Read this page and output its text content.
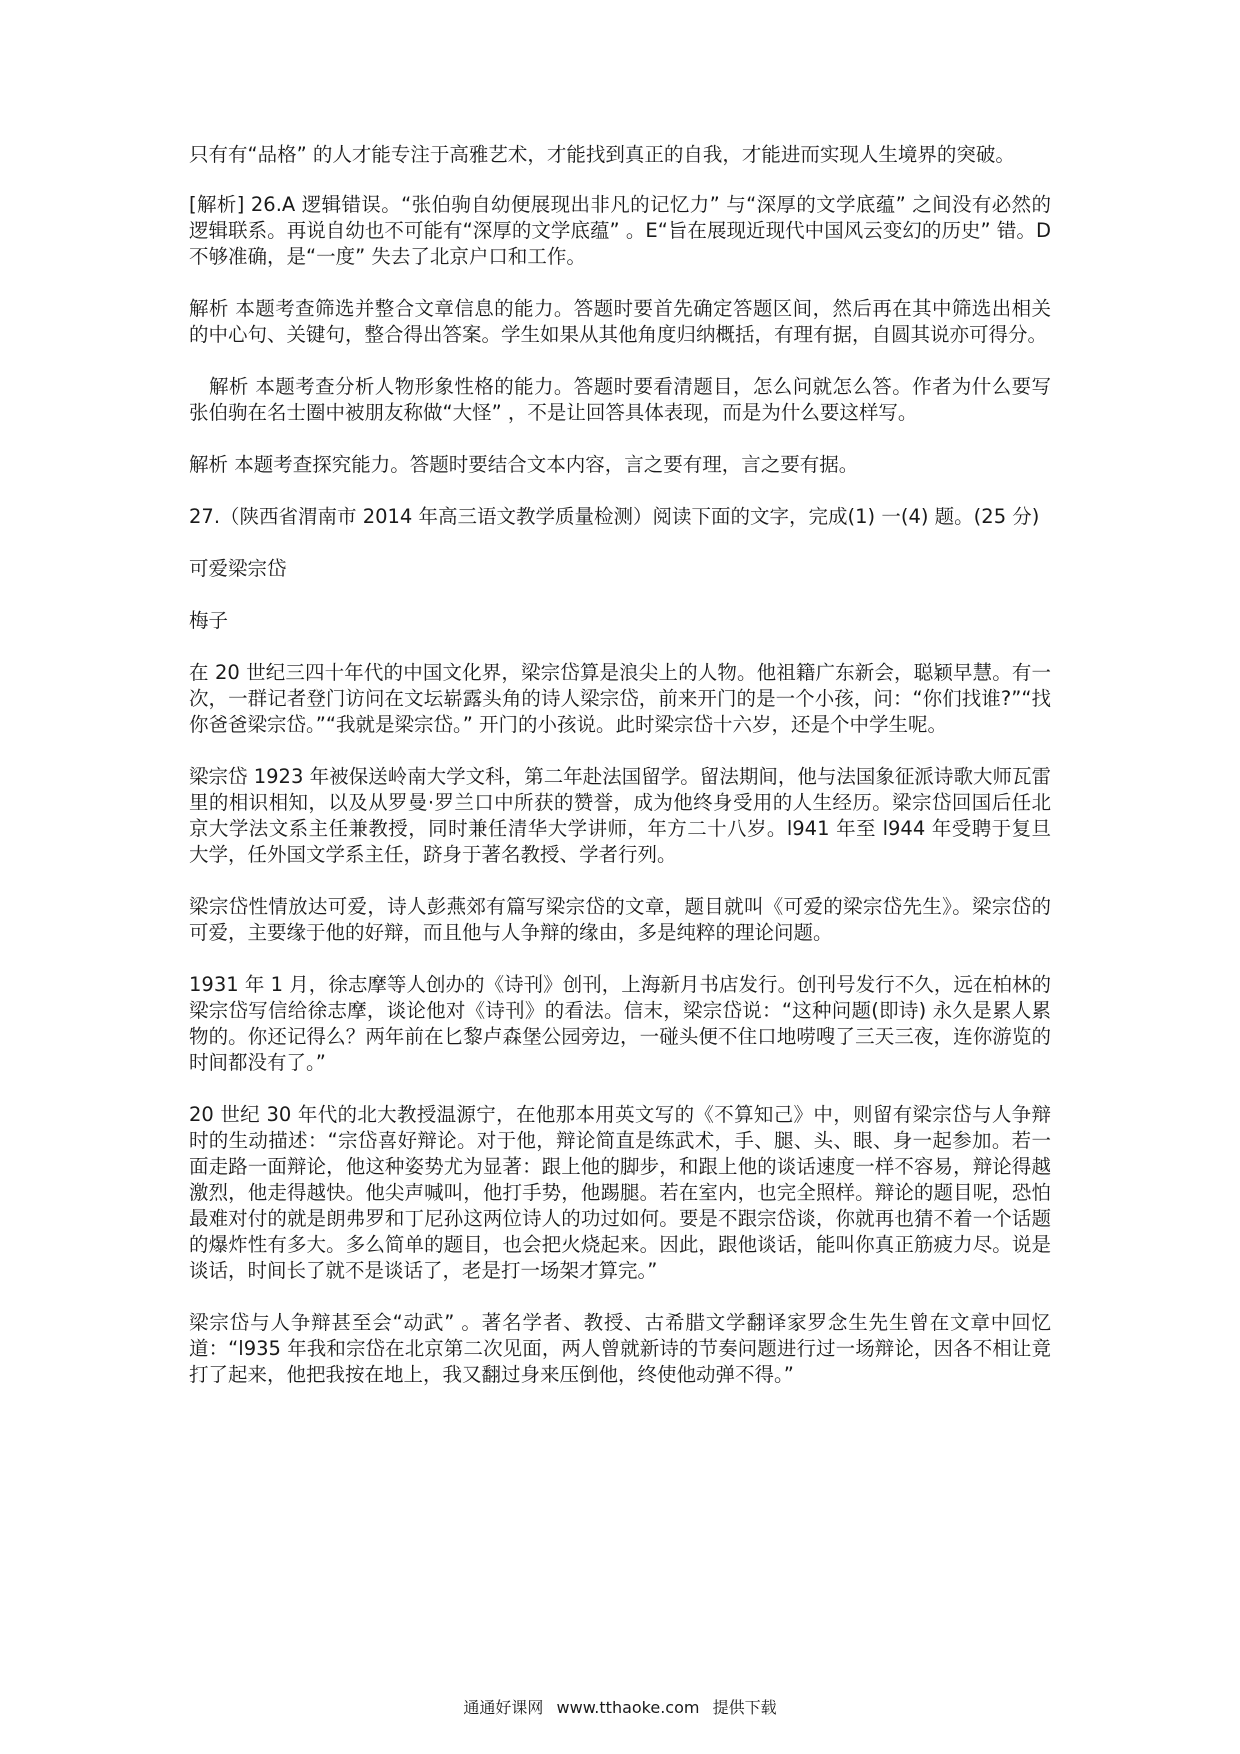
只有有“品格” 的人才能专注于高雅艺术，才能找到真正的自我，才能进而实现人生境界的突破。

[解析] 26.A 逻辑错误。“张伯驹自幼便展现出非凡的记忆力” 与“深厚的文学底蕴” 之间没有必然的逻辑联系。再说自幼也不可能有“深厚的文学底蕴” 。E“旨在展现近现代中国风云变幻的历史” 错。D 不够准确，是“一度” 失去了北京户口和工作。

解析 本题考查筛选并整合文章信息的能力。答题时要首先确定答题区间，然后再在其中筛选出相关的中心句、关键句，整合得出答案。学生如果从其他角度归纳概括，有理有据，自圆其说亦可得分。

解析 本题考查分析人物形象性格的能力。答题时要看清题目，怎么问就怎么答。作者为什么要写张伯驹在名士圈中被朋友称做“大怪” ，不是让回答具体表现，而是为什么要这样写。

解析 本题考查探究能力。答题时要结合文本内容，言之要有理，言之要有据。

27.（陕西省渭南市 2014 年高三语文教学质量检测）阅读下面的文字，完成(1) 一(4) 题。(25 分)

可爱梁宗岱

梅子

在 20 世纪三四十年代的中国文化界，梁宗岱算是浪尖上的人物。他祖籍广东新会，聪颖早慧。有一次，一群记者登门访问在文坛崭露头角的诗人梁宗岱，前来开门的是一个小孩，问：“你们找谁?”“找你爸爸梁宗岱。”“我就是梁宗岱。” 开门的小孩说。此时梁宗岱十六岁，还是个中学生呢。

梁宗岱 1923 年被保送岭南大学文科，第二年赴法国留学。留法期间，他与法国象征派诗歌大师瓦雷里的相识相知，以及从罗曼·罗兰口中所获的赞誉，成为他终身受用的人生经历。梁宗岱回国后任北京大学法文系主任兼教授，同时兼任清华大学讲师，年方二十八岁。l941 年至 l944 年受聘于复旦大学，任外国文学系主任，跻身于著名教授、学者行列。

梁宗岱性情放达可爱，诗人彭燕郊有篇写梁宗岱的文章，题目就叫《可爱的梁宗岱先生》。梁宗岱的可爱，主要缘于他的好辩，而且他与人争辩的缘由，多是纯粹的理论问题。

1931 年 1 月，徐志摩等人创办的《诗刊》创刊，上海新月书店发行。创刊号发行不久，远在柏林的梁宗岱写信给徐志摩，谈论他对《诗刊》的看法。信末，梁宗岱说：“这种问题(即诗) 永久是累人累物的。你还记得么？两年前在匕黎卢森堡公园旁边，一碰头便不住口地唠嗖了三天三夜，连你游览的时间都没有了。”

20 世纪 30 年代的北大教授温源宁，在他那本用英文写的《不算知己》中，则留有梁宗岱与人争辩时的生动描述：“宗岱喜好辩论。对于他，辩论简直是练武术，手、腿、头、眼、身一起参加。若一面走路一面辩论，他这种姿势尤为显著：跟上他的脚步，和跟上他的谈话速度一样不容易，辩论得越激烈，他走得越快。他尖声喊叫，他打手势，他踢腿。若在室内，也完全照样。辩论的题目呢，恐怕最难对付的就是朗弗罗和丁尼孙这两位诗人的功过如何。要是不跟宗岱谈，你就再也猜不着一个话题的爆炸性有多大。多么简单的题目，也会把火烧起来。因此，跟他谈话，能叫你真正筋疲力尽。说是谈话，时间长了就不是谈话了，老是打一场架才算完。”

梁宗岱与人争辩甚至会“动武” 。著名学者、教授、古希腊文学翻译家罗念生先生曾在文章中回忆道：“l935 年我和宗岱在北京第二次见面，两人曾就新诗的节奏问题进行过一场辩论，因各不相让竟打了起来，他把我按在地上，我又翻过身来压倒他，终使他动弹不得。”

通通好课网 www.tthaoke.com 提供下载
